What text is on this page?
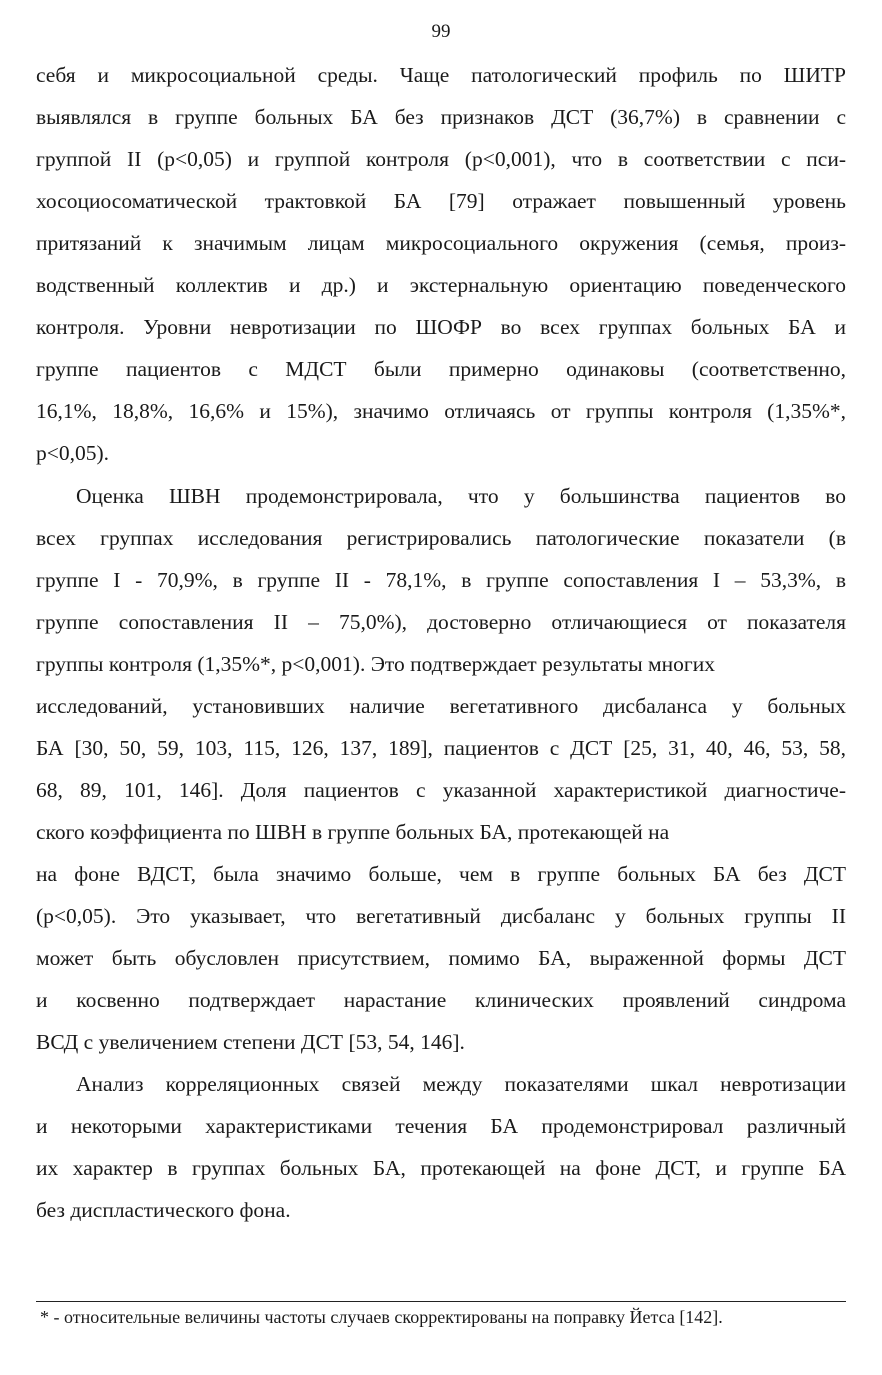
99
себя и микросоциальной среды. Чаще патологический профиль по ШИТР
выявлялся в группе больных БА без признаков ДСТ (36,7%) в сравнении с
группой II (р<0,05) и группой контроля (р<0,001), что в соответствии с пси-
хосоциосоматической трактовкой БА [79] отражает повышенный уровень
притязаний к значимым лицам микросоциального окружения (семья, произ-
водственный коллектив и др.) и экстернальную ориентацию поведенческого
контроля. Уровни невротизации по ШОФР во всех группах больных БА и
группе пациентов с МДСТ были примерно одинаковы (соответственно,
16,1%, 18,8%, 16,6% и 15%), значимо отличаясь от группы контроля (1,35%*,
р<0,05).
Оценка ШВН продемонстрировала, что у большинства пациентов во
всех группах исследования регистрировались патологические показатели (в
группе I - 70,9%, в группе II - 78,1%, в группе сопоставления I – 53,3%, в
группе сопоставления II – 75,0%), достоверно отличающиеся от показателя
группы контроля (1,35%*, р<0,001). Это подтверждает результаты многих
исследований, установивших наличие вегетативного дисбаланса у больных
БА [30, 50, 59, 103, 115, 126, 137, 189], пациентов с ДСТ [25, 31, 40, 46, 53, 58,
68, 89, 101, 146]. Доля пациентов с указанной характеристикой диагностиче-
ского коэффициента по ШВН в группе больных БА, протекающей на
на фоне ВДСТ, была значимо больше, чем в группе больных БА без ДСТ
(р<0,05). Это указывает, что вегетативный дисбаланс у больных группы II
может быть обусловлен присутствием, помимо БА, выраженной формы ДСТ
и косвенно подтверждает нарастание клинических проявлений синдрома
ВСД с увеличением степени ДСТ [53, 54, 146].
Анализ корреляционных связей между показателями шкал невротизации
и некоторыми характеристиками течения БА продемонстрировал различный
их характер в группах больных БА, протекающей на фоне ДСТ, и группе БА
без диспластического фона.
* - относительные величины частоты случаев скорректированы на поправку Йетса [142].
